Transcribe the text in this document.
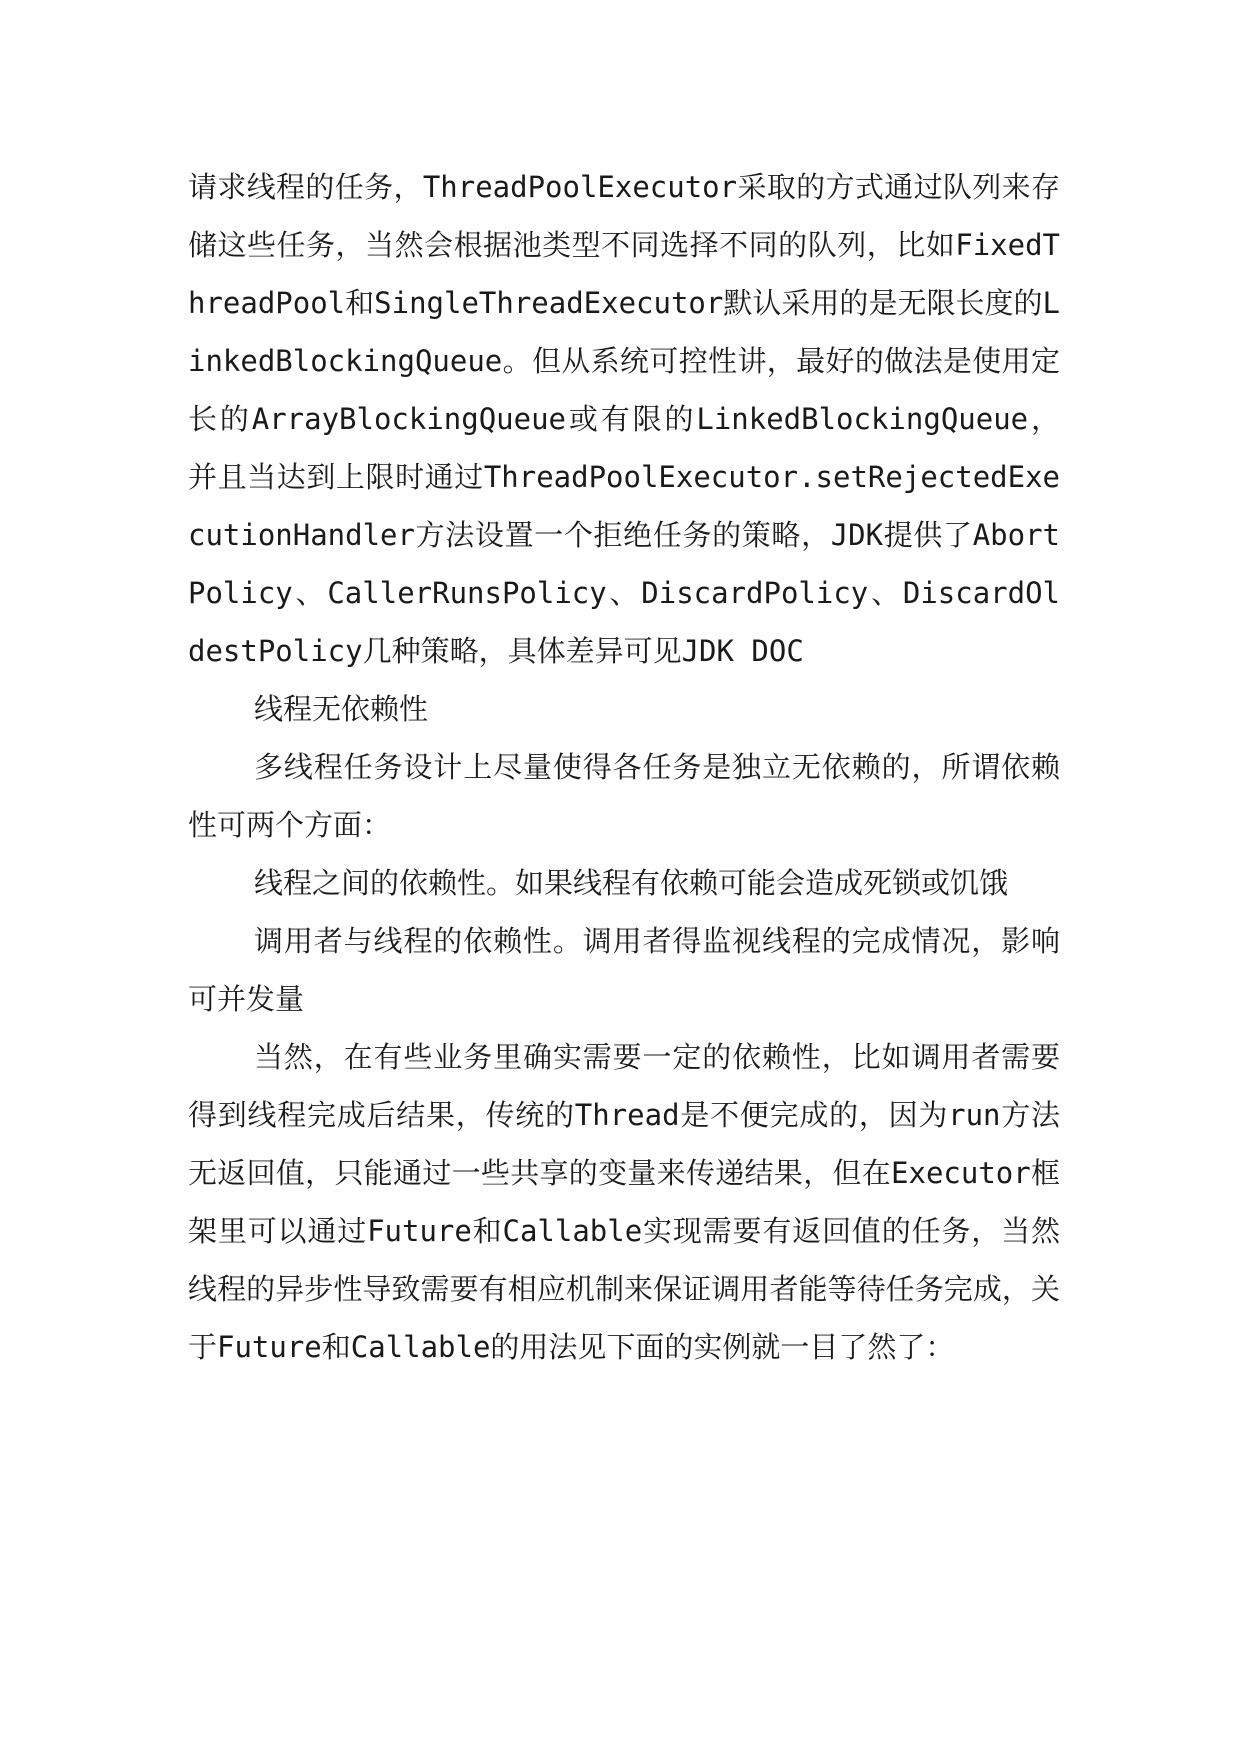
请求线程的任务，ThreadPoolExecutor采取的方式通过队列来存储这些任务，当然会根据池类型不同选择不同的队列，比如FixedThreadPool和SingleThreadExecutor默认采用的是无限长度的LinkedBlockingQueue。但从系统可控性讲，最好的做法是使用定长的ArrayBlockingQueue或有限的LinkedBlockingQueue，并且当达到上限时通过ThreadPoolExecutor.setRejectedExecutionHandler方法设置一个拒绝任务的策略，JDK提供了AbortPolicy、CallerRunsPolicy、DiscardPolicy、DiscardOldestPolicy几种策略，具体差异可见JDK DOC

线程无依赖性

多线程任务设计上尽量使得各任务是独立无依赖的，所谓依赖性可两个方面：

线程之间的依赖性。如果线程有依赖可能会造成死锁或饥饿

调用者与线程的依赖性。调用者得监视线程的完成情况，影响可并发量

当然，在有些业务里确实需要一定的依赖性，比如调用者需要得到线程完成后结果，传统的Thread是不便完成的，因为run方法无返回值，只能通过一些共享的变量来传递结果，但在Executor框架里可以通过Future和Callable实现需要有返回值的任务，当然线程的异步性导致需要有相应机制来保证调用者能等待任务完成，关于Future和Callable的用法见下面的实例就一目了然了：
